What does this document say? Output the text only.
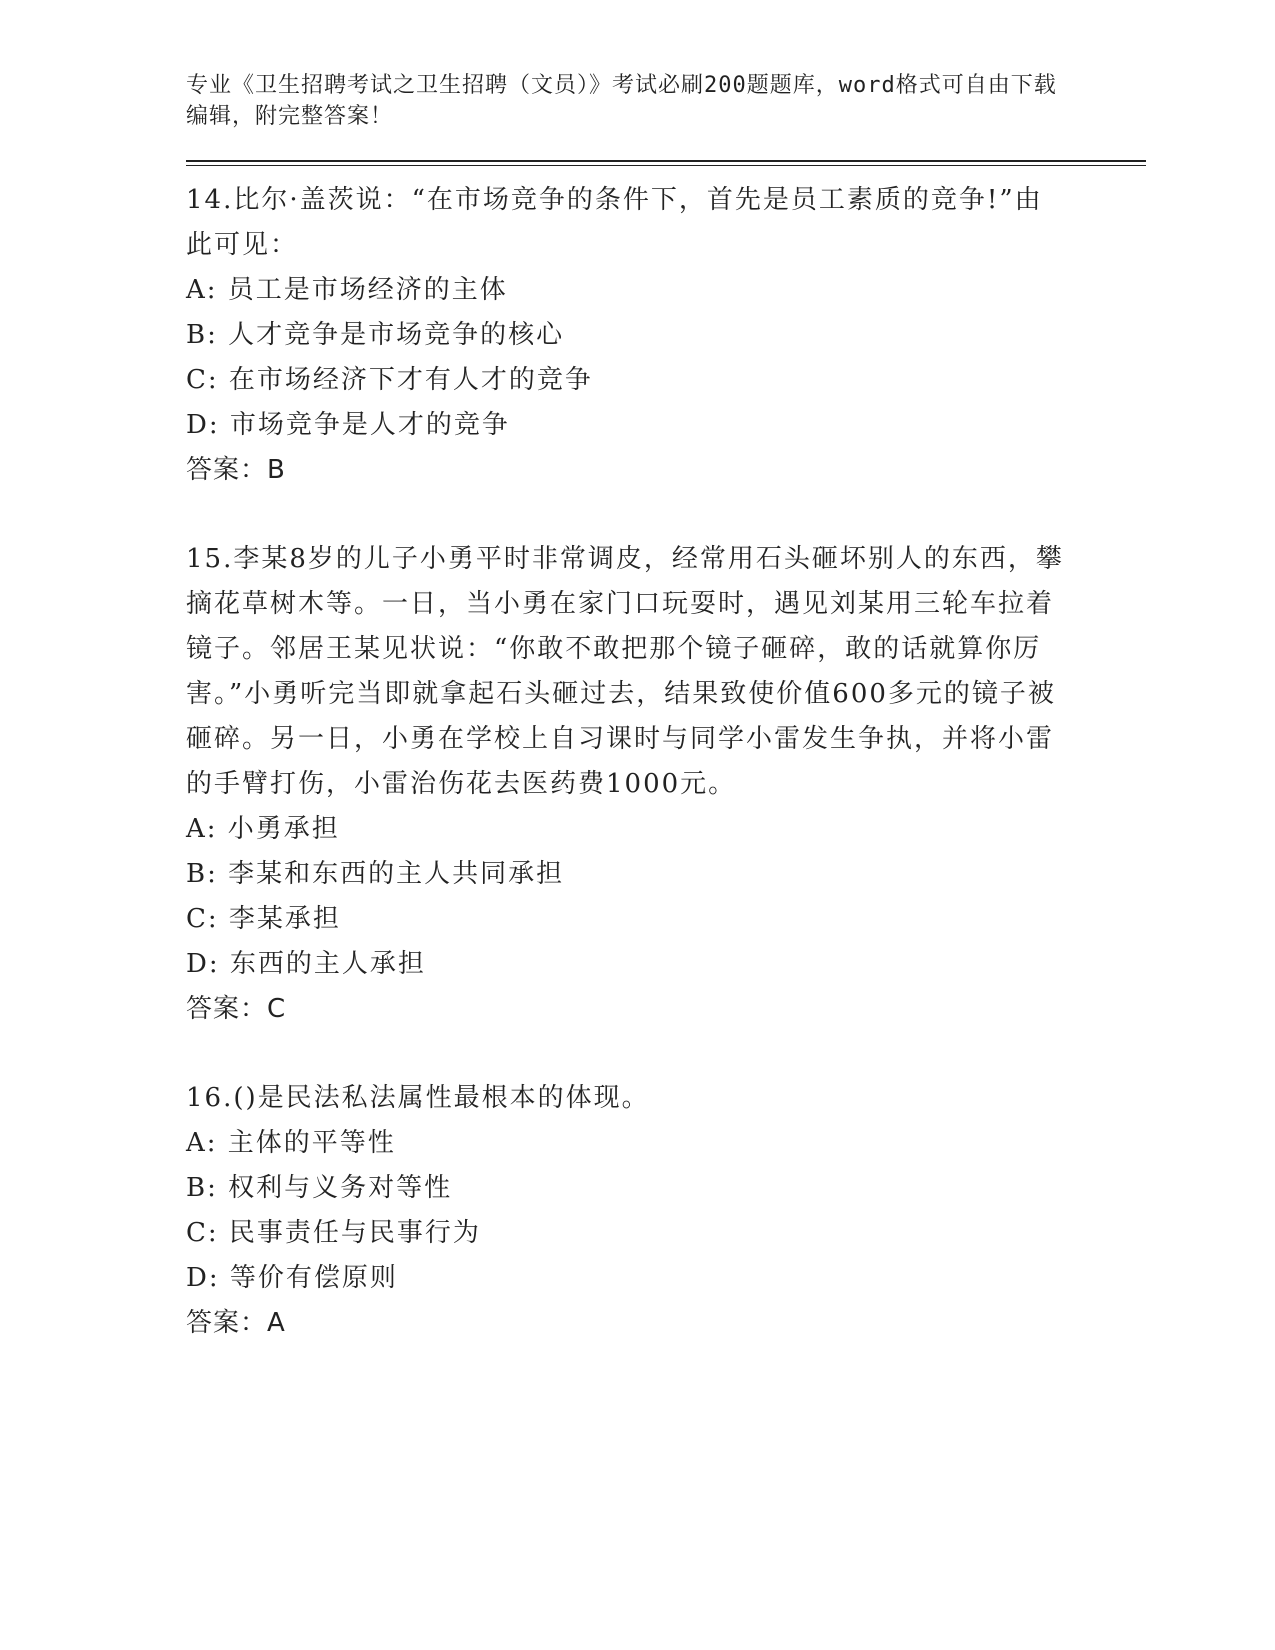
专业《卫生招聘考试之卫生招聘（文员）》考试必刷200题题库，word格式可自由下载编辑，附完整答案！
14.比尔·盖茨说：“在市场竞争的条件下，首先是员工素质的竞争!”由此可见：
A: 员工是市场经济的主体
B: 人才竞争是市场竞争的核心
C: 在市场经济下才有人才的竞争
D: 市场竞争是人才的竞争
答案：B
15.李某8岁的儿子小勇平时非常调皮，经常用石头砸坏别人的东西，攀摘花草树木等。一日，当小勇在家门口玩耍时，遇见刘某用三轮车拉着镜子。邻居王某见状说：“你敢不敢把那个镜子砸碎，敢的话就算你厉害。”小勇听完当即就拿起石头砸过去，结果致使价值600多元的镜子被砸碎。另一日，小勇在学校上自习课时与同学小雷发生争执，并将小雷的手臂打伤，小雷治伤花去医药费1000元。
A: 小勇承担
B: 李某和东西的主人共同承担
C: 李某承担
D: 东西的主人承担
答案：C
16.()是民法私法属性最根本的体现。
A: 主体的平等性
B: 权利与义务对等性
C: 民事责任与民事行为
D: 等价有偿原则
答案：A
